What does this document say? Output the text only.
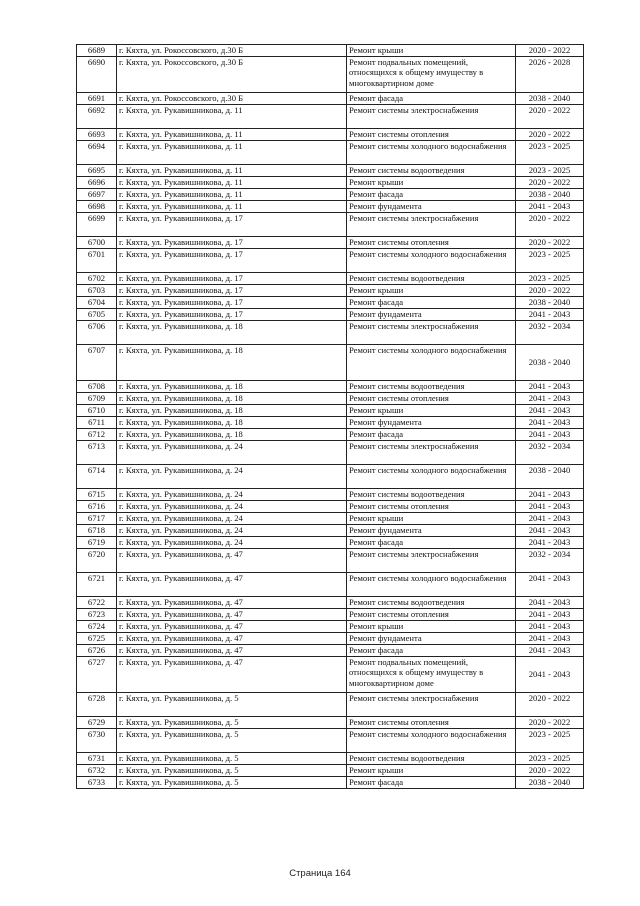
6689	г. Кяхта, ул. Рокоссовского, д.30 Б	Ремонт крыши	2020 - 2022
6690	г. Кяхта, ул. Рокоссовского, д.30 Б	Ремонт подвальных помещений, относящихся к общему имуществу в многоквартирном доме	2026 - 2028
6691	г. Кяхта, ул. Рокоссовского, д.30 Б	Ремонт фасада	2038 - 2040
6692	г. Кяхта, ул. Рукавишникова, д. 11	Ремонт системы электроснабжения	2020 - 2022
6693	г. Кяхта, ул. Рукавишникова, д. 11	Ремонт системы отопления	2020 - 2022
6694	г. Кяхта, ул. Рукавишникова, д. 11	Ремонт системы холодного водоснабжения	2023 - 2025
6695	г. Кяхта, ул. Рукавишникова, д. 11	Ремонт системы водоотведения	2023 - 2025
6696	г. Кяхта, ул. Рукавишникова, д. 11	Ремонт крыши	2020 - 2022
6697	г. Кяхта, ул. Рукавишникова, д. 11	Ремонт фасада	2038 - 2040
6698	г. Кяхта, ул. Рукавишникова, д. 11	Ремонт фундамента	2041 - 2043
6699	г. Кяхта, ул. Рукавишникова, д. 17	Ремонт системы электроснабжения	2020 - 2022
6700	г. Кяхта, ул. Рукавишникова, д. 17	Ремонт системы отопления	2020 - 2022
6701	г. Кяхта, ул. Рукавишникова, д. 17	Ремонт системы холодного водоснабжения	2023 - 2025
6702	г. Кяхта, ул. Рукавишникова, д. 17	Ремонт системы водоотведения	2023 - 2025
6703	г. Кяхта, ул. Рукавишникова, д. 17	Ремонт крыши	2020 - 2022
6704	г. Кяхта, ул. Рукавишникова, д. 17	Ремонт фасада	2038 - 2040
6705	г. Кяхта, ул. Рукавишникова, д. 17	Ремонт фундамента	2041 - 2043
6706	г. Кяхта, ул. Рукавишникова, д. 18	Ремонт системы электроснабжения	2032 - 2034
6707	г. Кяхта, ул. Рукавишникова, д. 18	Ремонт системы холодного водоснабжения	2038 - 2040
6708	г. Кяхта, ул. Рукавишникова, д. 18	Ремонт системы водоотведения	2041 - 2043
6709	г. Кяхта, ул. Рукавишникова, д. 18	Ремонт системы отопления	2041 - 2043
6710	г. Кяхта, ул. Рукавишникова, д. 18	Ремонт крыши	2041 - 2043
6711	г. Кяхта, ул. Рукавишникова, д. 18	Ремонт фундамента	2041 - 2043
6712	г. Кяхта, ул. Рукавишникова, д. 18	Ремонт фасада	2041 - 2043
6713	г. Кяхта, ул. Рукавишникова, д. 24	Ремонт системы электроснабжения	2032 - 2034
6714	г. Кяхта, ул. Рукавишникова, д. 24	Ремонт системы холодного водоснабжения	2038 - 2040
6715	г. Кяхта, ул. Рукавишникова, д. 24	Ремонт системы водоотведения	2041 - 2043
6716	г. Кяхта, ул. Рукавишникова, д. 24	Ремонт системы отопления	2041 - 2043
6717	г. Кяхта, ул. Рукавишникова, д. 24	Ремонт крыши	2041 - 2043
6718	г. Кяхта, ул. Рукавишникова, д. 24	Ремонт фундамента	2041 - 2043
6719	г. Кяхта, ул. Рукавишникова, д. 24	Ремонт фасада	2041 - 2043
6720	г. Кяхта, ул. Рукавишникова, д. 47	Ремонт системы электроснабжения	2032 - 2034
6721	г. Кяхта, ул. Рукавишникова, д. 47	Ремонт системы холодного водоснабжения	2041 - 2043
6722	г. Кяхта, ул. Рукавишникова, д. 47	Ремонт системы водоотведения	2041 - 2043
6723	г. Кяхта, ул. Рукавишникова, д. 47	Ремонт системы отопления	2041 - 2043
6724	г. Кяхта, ул. Рукавишникова, д. 47	Ремонт крыши	2041 - 2043
6725	г. Кяхта, ул. Рукавишникова, д. 47	Ремонт фундамента	2041 - 2043
6726	г. Кяхта, ул. Рукавишникова, д. 47	Ремонт фасада	2041 - 2043
6727	г. Кяхта, ул. Рукавишникова, д. 47	Ремонт подвальных помещений, относящихся к общему имуществу в многоквартирном доме	2041 - 2043
6728	г. Кяхта, ул. Рукавишникова, д. 5	Ремонт системы электроснабжения	2020 - 2022
6729	г. Кяхта, ул. Рукавишникова, д. 5	Ремонт системы отопления	2020 - 2022
6730	г. Кяхта, ул. Рукавишникова, д. 5	Ремонт системы холодного водоснабжения	2023 - 2025
6731	г. Кяхта, ул. Рукавишникова, д. 5	Ремонт системы водоотведения	2023 - 2025
6732	г. Кяхта, ул. Рукавишникова, д. 5	Ремонт крыши	2020 - 2022
6733	г. Кяхта, ул. Рукавишникова, д. 5	Ремонт фасада	2038 - 2040
Страница 164
